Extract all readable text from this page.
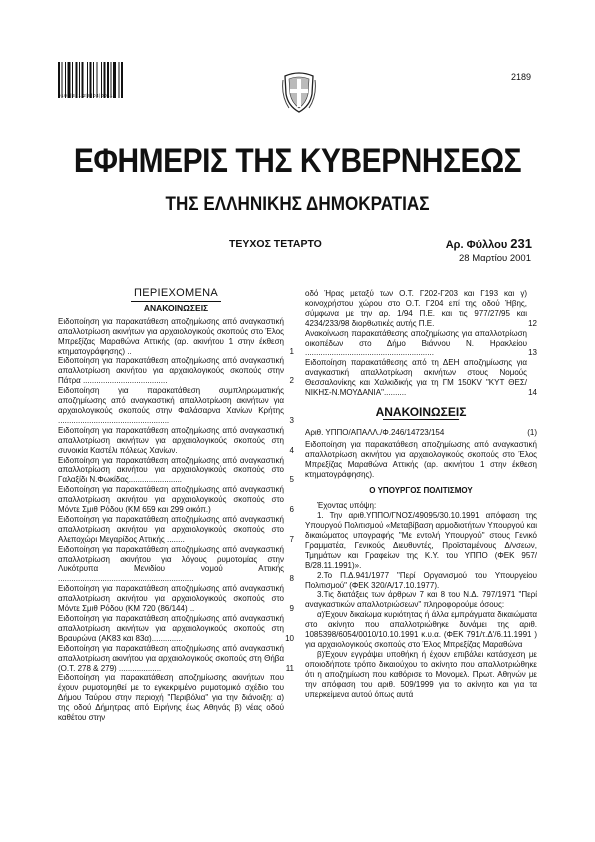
0100|321|2|8|04|0011
2189
ΕΦΗΜΕΡΙΣ ΤΗΣ ΚΥΒΕΡΝΗΣΕΩΣ
ΤΗΣ ΕΛΛΗΝΙΚΗΣ ΔΗΜΟΚΡΑΤΙΑΣ
ΤΕΥΧΟΣ ΤΕΤΑΡΤΟ	Αρ. Φύλλου 231
28 Μαρτίου 2001
ΠΕΡΙΕΧΟΜΕΝΑ
ΑΝΑΚΟΙΝΩΣΕΙΣ
Ειδοποίηση για παρακατάθεση αποζημίωσης από αναγκαστική απαλλοτρίωση ακινήτων για αρχαιολογικούς σκοπούς στο Έλος Μπρεξίζας Μαραθώνα Αττικής (αρ. ακινήτου 1 στην έκθεση κτηματογράφησης) ..	1
Ειδοποίηση για παρακατάθεση αποζημίωσης από αναγκαστική απαλλοτρίωση ακινήτου για αρχαιολογικούς σκοπούς στην Πάτρα ......................................	2
Ειδοποίηση για παρακατάθεση συμπληρωματικής αποζημίωσης από αναγκαστική απαλλοτρίωση ακινήτων για αρχαιολογικούς σκοπούς στην Φαλάσαρνα Χανίων Κρήτης ..................................................	3
Ειδοποίηση για παρακατάθεση αποζημίωσης από αναγκαστική απαλλοτρίωση ακινήτων για αρχαιολογικούς σκοπούς στη συνοικία Καστέλι πόλεως Χανίων.	4
Ειδοποίηση για παρακατάθεση αποζημίωσης από αναγκαστική απαλλοτρίωση ακινήτου για αρχαιολογικούς σκοπούς στο Γαλαξίδι Ν.Φωκίδας........................	5
Ειδοποίηση για παρακατάθεση αποζημίωσης από αναγκαστική απαλλοτρίωση ακινήτου για αρχαιολογικούς σκοπούς στο Μόντε Σμιθ Ρόδου (ΚΜ 659 και 299 οικόπ.)	6
Ειδοποίηση για παρακατάθεση αποζημίωσης από αναγκαστική απαλλοτρίωση ακινήτου για αρχαιολογικούς σκοπούς στο Αλεποχώρι Μεγαρίδος Αττικής ........	7
Ειδοποίηση για παρακατάθεση αποζημίωσης από αναγκαστική απαλλοτρίωση ακινήτου για λόγους ρυμοτομίας στην Λυκότρυπα Μενιδίου νομού Αττικής .............................................................	8
Ειδοποίηση για παρακατάθεση αποζημίωσης από αναγκαστική απαλλοτρίωση ακινήτου για αρχαιολογικούς σκοπούς στο Μόντε Σμιθ Ρόδου (ΚΜ 720 (86/144) ..	9
Ειδοποίηση για παρακατάθεση αποζημίωσης από αναγκαστική απαλλοτρίωση ακινήτων για αρχαιολογικούς σκοπούς στη Βραυρώνα (ΑΚ83 και 83α)..............	10
Ειδοποίηση για παρακατάθεση αποζημίωσης από αναγκαστική απαλλοτρίωση ακινήτου για αρχαιολογικούς σκοπούς στη Θήβα (Ο.Τ. 278 & 279) ...................	11
Ειδοποίηση για παρακατάθεση αποζημίωσης ακινήτων που έχουν ρυμοτομηθεί με το εγκεκριμένο ρυμοτομικό σχέδιο του Δήμου Ταύρου στην περιοχή "Περιβόλια" για την διάνοιξη: α) της οδού Δήμητρας από Ειρήνης έως Αθηνάς β) νέας οδού καθέτου στην
οδό Ήρας μεταξύ των Ο.Τ. Γ202-Γ203 και Γ193 και γ) κοινοχρήστου χώρου στο Ο.Τ. Γ204 επί της οδού Ήβης, σύμφωνα με την αρ. 1/94 Π.Ε. και τις 977/27/95 και 4234/233/98 διορθωτικές αυτής Π.Ε.	12
Ανακοίνωση παρακατάθεσης αποζημίωσης για απαλλοτρίωση οικοπέδων στο Δήμο Βιάννου Ν. Ηρακλείου ..........................................................	13
Ειδοποίηση παρακατάθεσης από τη ΔΕΗ αποζημίωσης για αναγκαστική απαλλοτρίωση ακινήτων στους Νομούς Θεσσαλονίκης και Χαλκιδικής για τη ΓΜ 150KV "ΚΥΤ ΘΕΣ/ΝΙΚΗΣ-Ν.ΜΟΥΔΑΝΙΑ"..........	14
ΑΝΑΚΟΙΝΩΣΕΙΣ
Αριθ. ΥΠΠΟ/ΑΠΑΛΛ./Φ.246/14723/154	(1)

Ειδοποίηση για παρακατάθεση αποζημίωσης από αναγκαστική απαλλοτρίωση ακινήτου για αρχαιολογικούς σκοπούς στο Έλος Μπρεξίζας Μαραθώνα Αττικής (αρ. ακινήτου 1 στην έκθεση κτηματογράφησης).

Ο ΥΠΟΥΡΓΟΣ ΠΟΛΙΤΙΣΜΟΥ

Έχοντας υπόψη:

1. Την αριθ.ΥΠΠΟ/ΓΝΟΣ/49095/30.10.1991 απόφαση της Υπουργού Πολιτισμού «Μεταβίβαση αρμοδιοτήτων Υπουργού και δικαιώματος υπογραφής "Με εντολή Υπουργού" στους Γενικό Γραμματέα, Γενικούς Διευθυντές, Προϊσταμένους Δ/νσεων, Τμημάτων και Γραφείων της Κ.Υ. του ΥΠΠΟ (ΦΕΚ 957/Β/28.11.1991)».

2.Το Π.Δ.941/1977 "Περί Οργανισμού του Υπουργείου Πολιτισμού" (ΦΕΚ 320/Α/17.10.1977).

3.Τις διατάξεις των άρθρων 7 και 8 του Ν.Δ. 797/1971 "Περί αναγκαστικών απαλλοτριώσεων" πληροφορούμε όσους:

α)Έχουν δικαίωμα κυριότητας ή άλλα εμπράγματα δικαιώματα στο ακίνητο που απαλλοτριώθηκε δυνάμει της αριθ. 1085398/6054/0010/10.10.1991 κ.υ.α. (ΦΕΚ 791/τ.Δ'/6.11.1991 ) για αρχαιολογικούς σκοπούς στο Έλος Μπρεξίζας Μαραθώνα

β)Έχουν εγγράψει υποθήκη ή έχουν επιβάλει κατάσχεση με οποιοδήποτε τρόπο δικαιούχου το ακίνητο που απαλλοτριώθηκε ότι η αποζημίωση που καθόρισε το Μονομελ. Πρωτ. Αθηνών με την απόφαση του αριθ. 509/1999 για το ακίνητο και για τα υπερκείμενα αυτού όπως αυτά
